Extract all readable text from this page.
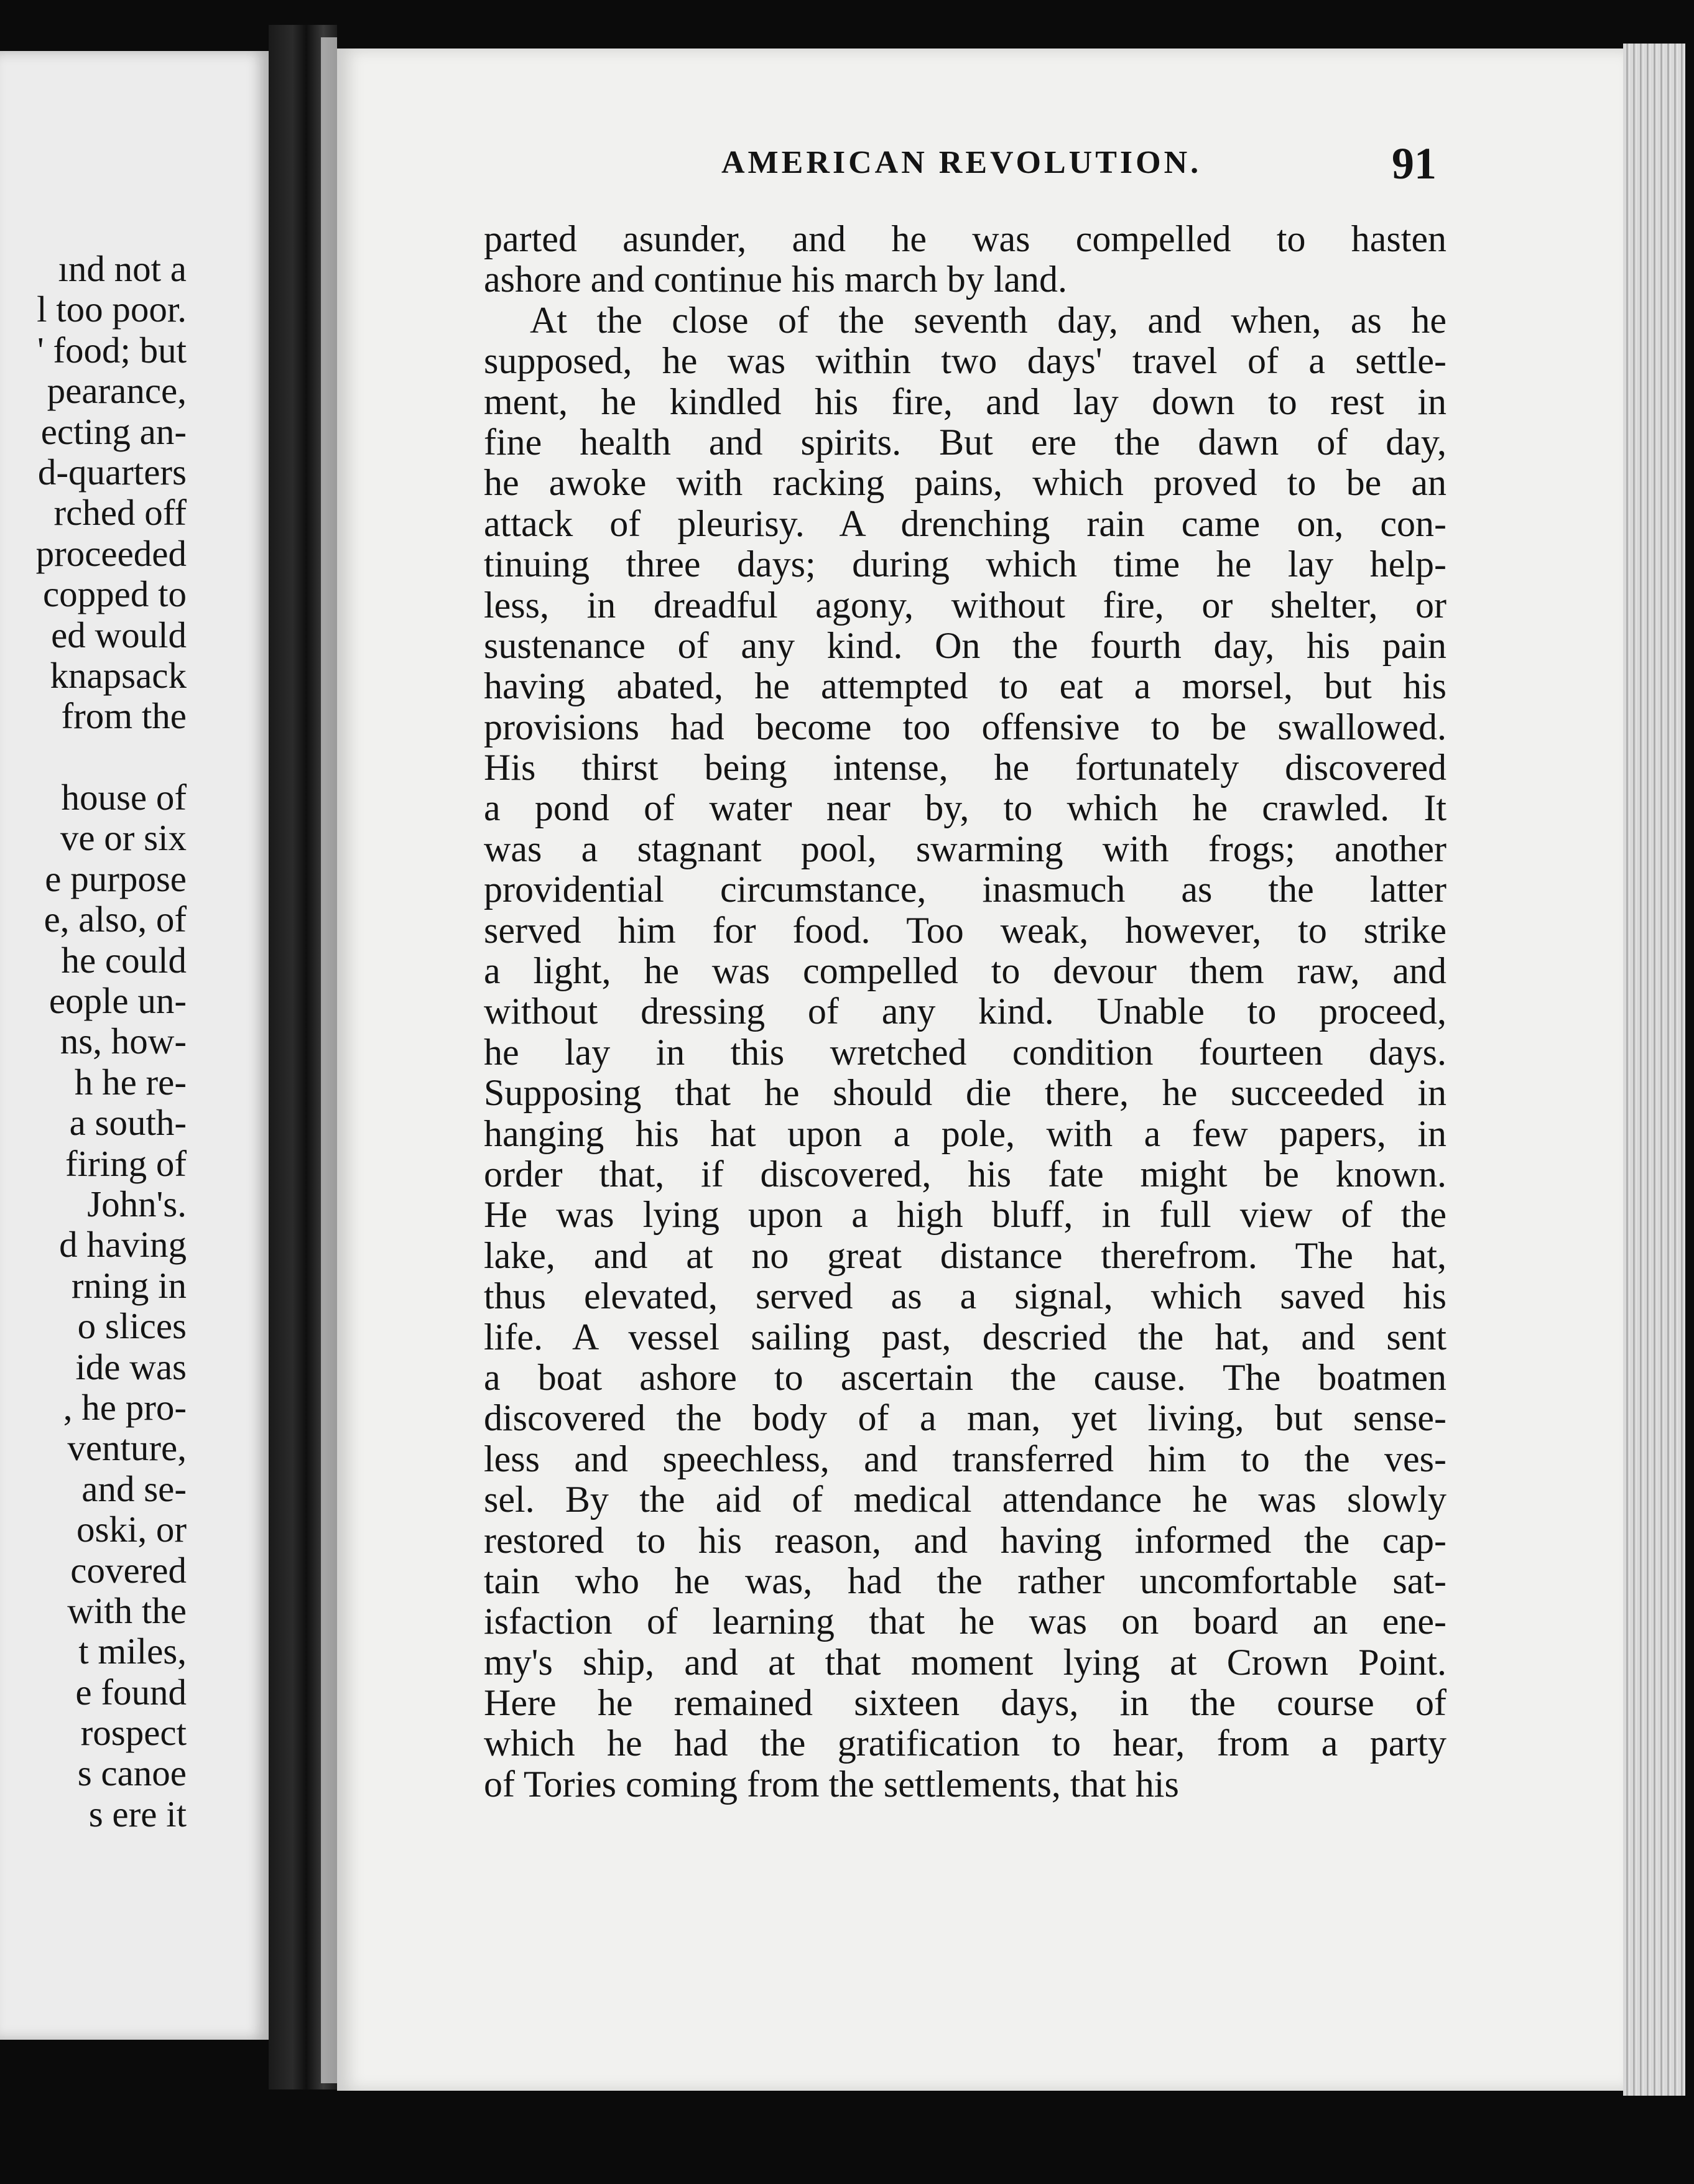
ınd not a
l too poor.
' food; but
pearance,
ecting an-
d-quarters
rched off
proceeded
copped to
ed would
knapsack
from the
house of
ve or six
e purpose
e, also, of
he could
eople un-
ns, how-
h he re-
a south-
firing of
John's.
d having
rning in
o slices
ide was
, he pro-
venture,
and se-
oski, or
covered
with the
t miles,
e found
rospect
s canoe
s ere it
AMERICAN REVOLUTION.	91
parted asunder, and he was compelled to hasten
ashore and continue his march by land.
At the close of the seventh day, and when, as he
supposed, he was within two days' travel of a settle-
ment, he kindled his fire, and lay down to rest in
fine health and spirits. But ere the dawn of day,
he awoke with racking pains, which proved to be an
attack of pleurisy. A drenching rain came on, con-
tinuing three days; during which time he lay help-
less, in dreadful agony, without fire, or shelter, or
sustenance of any kind. On the fourth day, his pain
having abated, he attempted to eat a morsel, but his
provisions had become too offensive to be swallowed.
His thirst being intense, he fortunately discovered
a pond of water near by, to which he crawled. It
was a stagnant pool, swarming with frogs; another
providential circumstance, inasmuch as the latter
served him for food. Too weak, however, to strike
a light, he was compelled to devour them raw, and
without dressing of any kind. Unable to proceed,
he lay in this wretched condition fourteen days.
Supposing that he should die there, he succeeded in
hanging his hat upon a pole, with a few papers, in
order that, if discovered, his fate might be known.
He was lying upon a high bluff, in full view of the
lake, and at no great distance therefrom. The hat,
thus elevated, served as a signal, which saved his
life. A vessel sailing past, descried the hat, and sent
a boat ashore to ascertain the cause. The boatmen
discovered the body of a man, yet living, but sense-
less and speechless, and transferred him to the ves-
sel. By the aid of medical attendance he was slowly
restored to his reason, and having informed the cap-
tain who he was, had the rather uncomfortable sat-
isfaction of learning that he was on board an ene-
my's ship, and at that moment lying at Crown Point.
Here he remained sixteen days, in the course of
which he had the gratification to hear, from a party
of Tories coming from the settlements, that his
